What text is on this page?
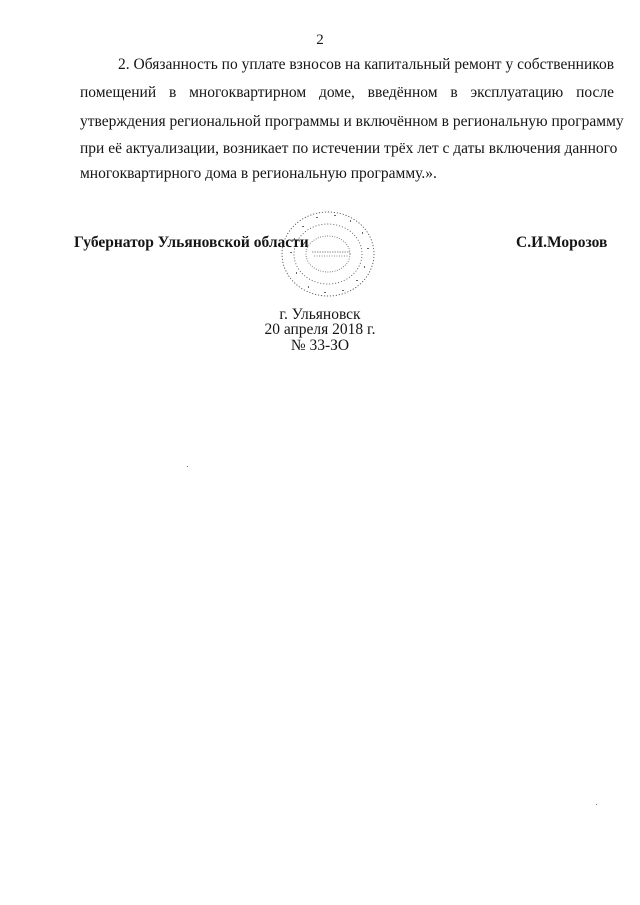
2
2. Обязанность по уплате взносов на капитальный ремонт у собственников
помещений в многоквартирном доме, введённом в эксплуатацию после
утверждения региональной программы и включённом в региональную программу
при её актуализации, возникает по истечении трёх лет с даты включения данного
многоквартирного дома в региональную программу.».
Губернатор Ульяновской области	С.И.Морозов
г. Ульяновск
20 апреля 2018 г.
№ 33-ЗО
